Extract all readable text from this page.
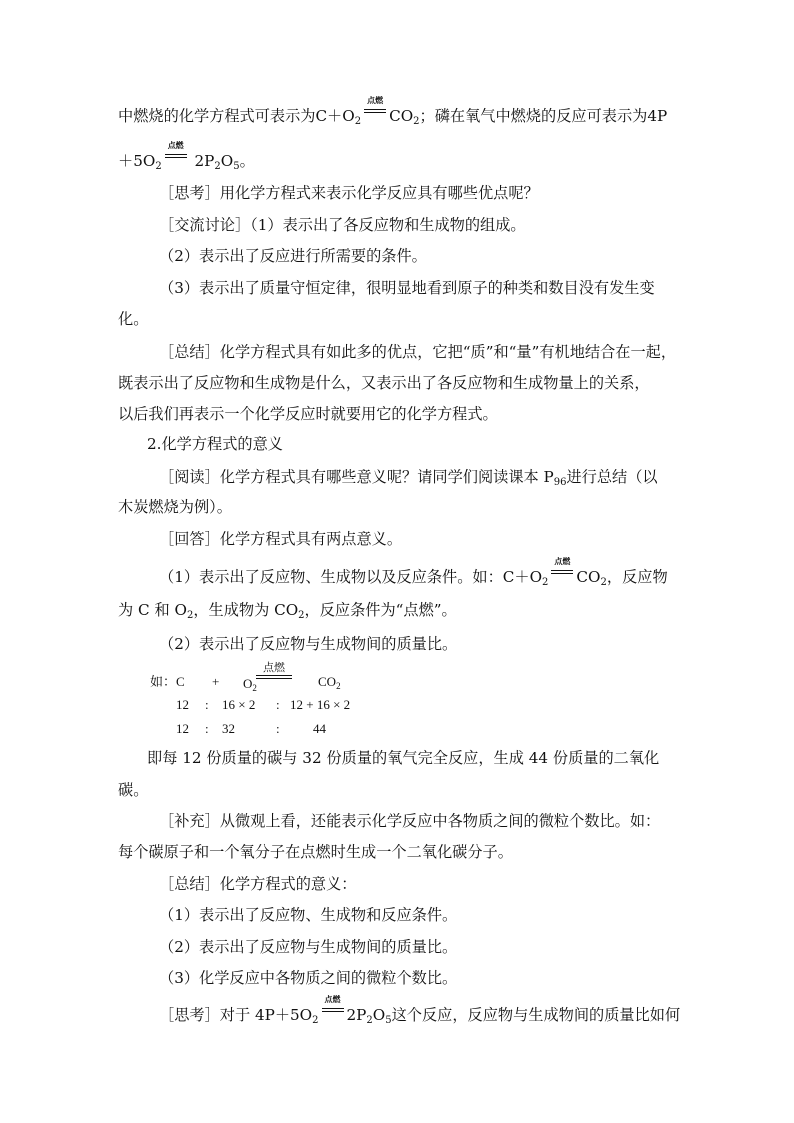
中燃烧的化学方程式可表示为$C+O_2$
点燃
$CO_2$；磷在氧气中燃烧的反应可表示为4P
$+5O_2$
点燃
$2P_2O_5$。
［思考］用化学方程式来表示化学反应具有哪些优点呢？
［交流讨论］（1）表示出了各反应物和生成物的组成。
（2）表示出了反应进行所需要的条件。
（3）表示出了质量守恒定律，很明显地看到原子的种类和数目没有发生变
化。
［总结］化学方程式具有如此多的优点，它把“质”和“量”有机地结合在一起，
既表示出了反应物和生成物是什么，又表示出了各反应物和生成物量上的关系，
以后我们再表示一个化学反应时就要用它的化学方程式。
2.化学方程式的意义
［阅读］化学方程式具有哪些意义呢？请同学们阅读课本 $P_{96}$进行总结（以
木炭燃烧为例）。
［回答］化学方程式具有两点意义。
（1）表示出了反应物、生成物以及反应条件。如：$C+O_2$
点燃
$CO_2$，反应物
为 C 和 $O_2$，生成物为 $CO_2$，反应条件为“点燃”。
（2）表示出了反应物与生成物间的质量比。
如：$C + O_2$
点燃
$CO_2$
12 : 16 × 2 : 12 + 16 × 2
12 : 32	:	44
即每 12 份质量的碳与 32 份质量的氧气完全反应，生成 44 份质量的二氧化
碳。
［补充］从微观上看，还能表示化学反应中各物质之间的微粒个数比。如：
每个碳原子和一个氧分子在点燃时生成一个二氧化碳分子。
［总结］化学方程式的意义：
（1）表示出了反应物、生成物和反应条件。
（2）表示出了反应物与生成物间的质量比。
（3）化学反应中各物质之间的微粒个数比。
［思考］对于 $4P+5O_2$
点燃
$2P_2O_5$这个反应，反应物与生成物间的质量比如何
